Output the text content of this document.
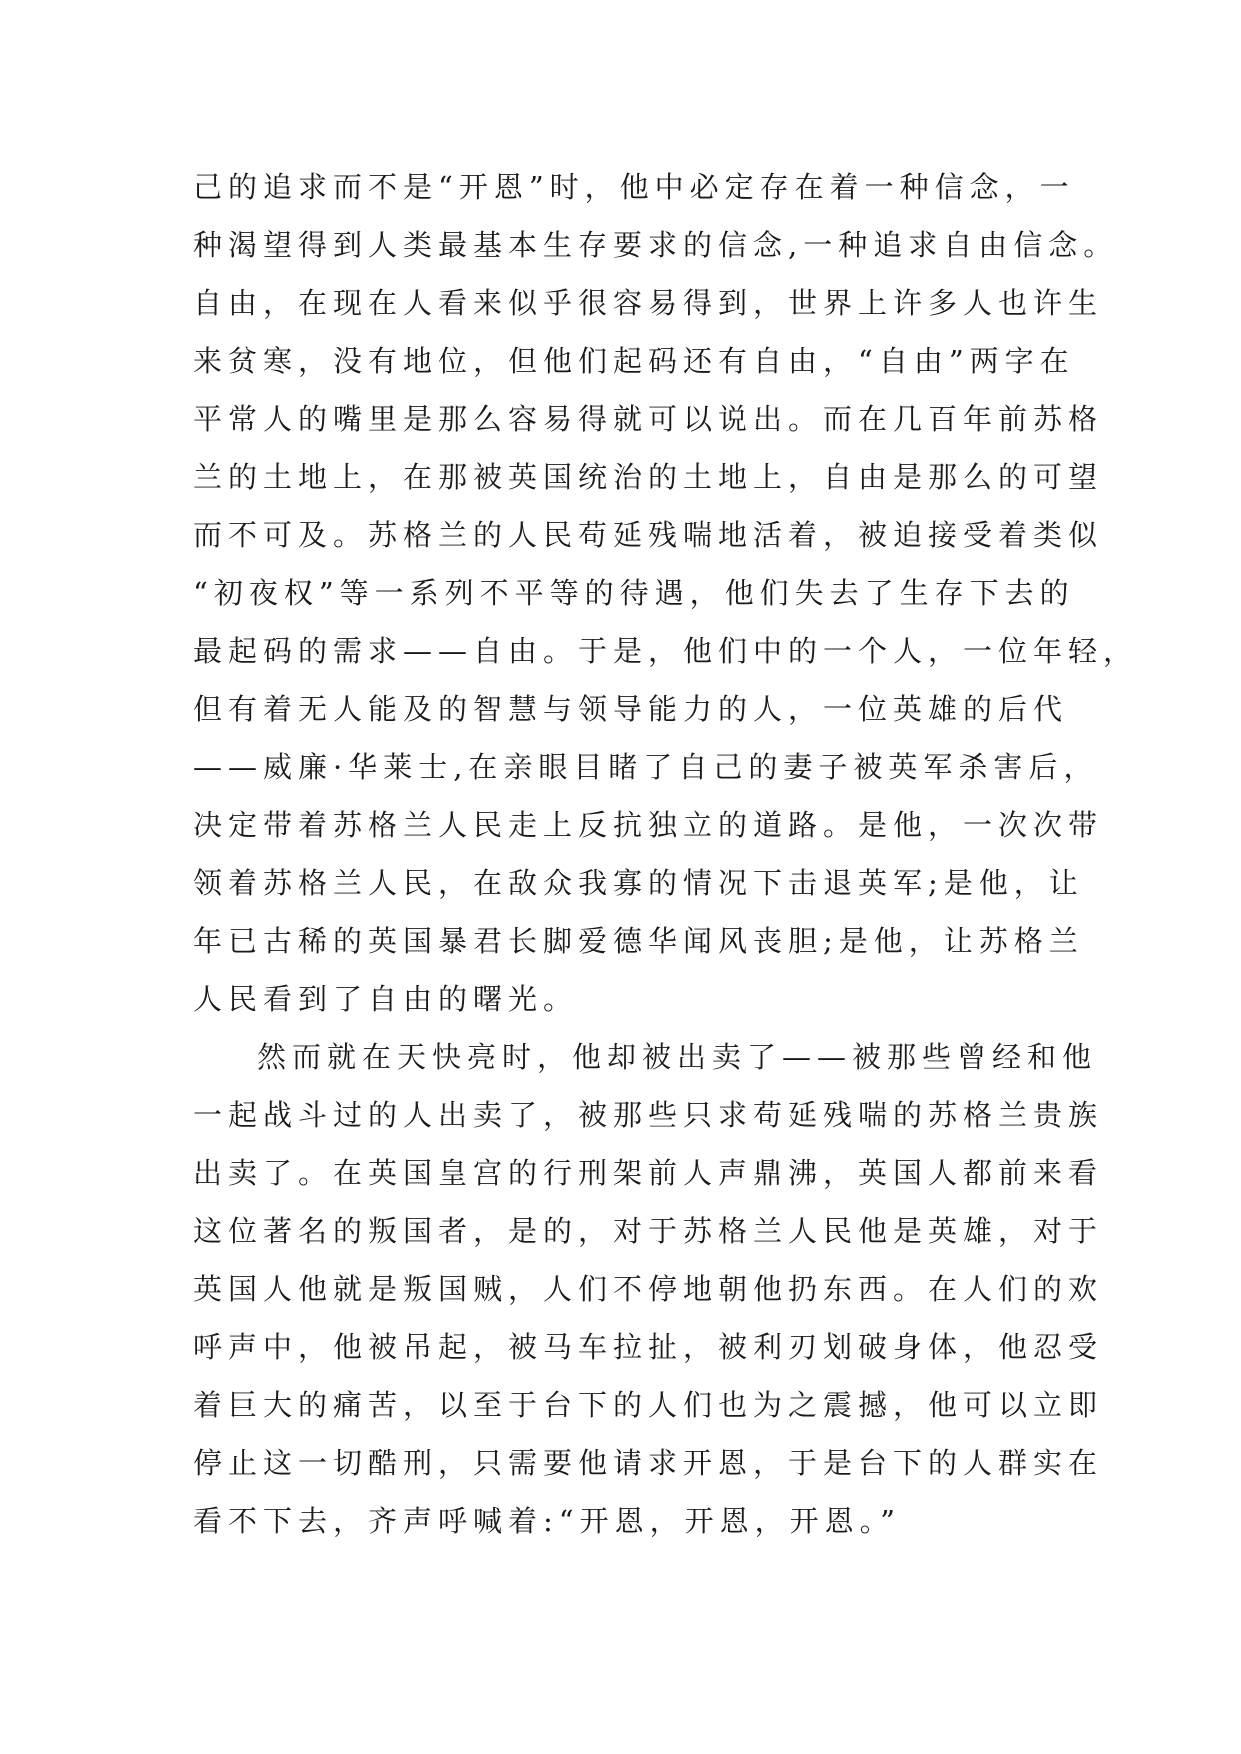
己的追求而不是“开恩”时，他中必定存在着一种信念，一
种渴望得到人类最基本生存要求的信念,一种追求自由信念。
自由，在现在人看来似乎很容易得到，世界上许多人也许生
来贫寒，没有地位，但他们起码还有自由，“自由”两字在
平常人的嘴里是那么容易得就可以说出。而在几百年前苏格
兰的土地上，在那被英国统治的土地上，自由是那么的可望
而不可及。苏格兰的人民苟延残喘地活着，被迫接受着类似
“初夜权”等一系列不平等的待遇，他们失去了生存下去的
最起码的需求——自由。于是，他们中的一个人，一位年轻，
但有着无人能及的智慧与领导能力的人，一位英雄的后代
——威廉·华莱士,在亲眼目睹了自己的妻子被英军杀害后，
决定带着苏格兰人民走上反抗独立的道路。是他，一次次带
领着苏格兰人民，在敌众我寡的情况下击退英军;是他，让
年已古稀的英国暴君长脚爱德华闻风丧胆;是他，让苏格兰
人民看到了自由的曙光。
然而就在天快亮时，他却被出卖了——被那些曾经和他
一起战斗过的人出卖了，被那些只求苟延残喘的苏格兰贵族
出卖了。在英国皇宫的行刑架前人声鼎沸，英国人都前来看
这位著名的叛国者，是的，对于苏格兰人民他是英雄，对于
英国人他就是叛国贼，人们不停地朝他扔东西。在人们的欢
呼声中，他被吊起，被马车拉扯，被利刃划破身体，他忍受
着巨大的痛苦，以至于台下的人们也为之震撼，他可以立即
停止这一切酷刑，只需要他请求开恩，于是台下的人群实在
看不下去，齐声呼喊着:“开恩，开恩，开恩。”
